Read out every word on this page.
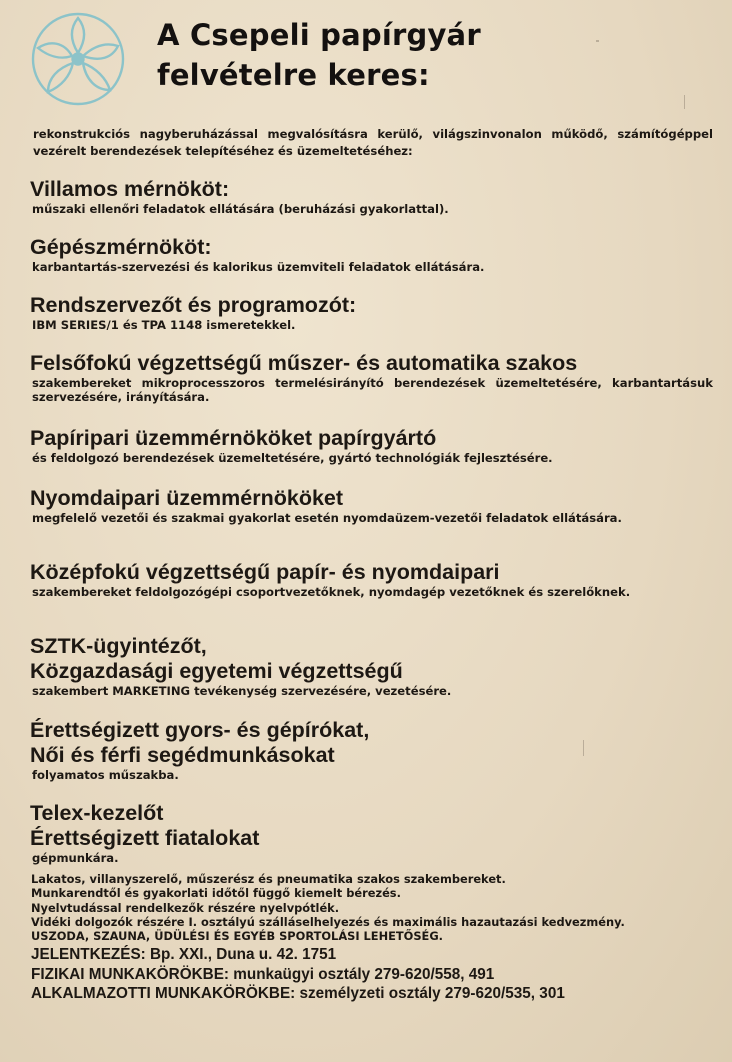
A Csepeli papírgyár
felvételre keres:

rekonstrukciós nagyberuházással megvalósításra kerülő, világszinvonalon működő, számítógéppel vezérelt berendezések telepítéséhez és üzemeltetéséhez:

Villamos mérnököt:

műszaki ellenőri feladatok ellátására (beruházási gyakorlattal).

Gépészmérnököt:

karbantartás-szervezési és kalorikus üzemviteli feladatok ellátására.

Rendszervezőt és programozót:

IBM SERIES/1 és TPA 1148 ismeretekkel.

Felsőfokú végzettségű műszer- és automatika szakos

szakembereket mikroprocesszoros termelésirányító berendezések üzemeltetésére, karbantartásuk szervezésére, irányítására.

Papíripari üzemmérnököket papírgyártó

és feldolgozó berendezések üzemeltetésére, gyártó technológiák fejlesztésére.

Nyomdaipari üzemmérnököket

megfelelő vezetői és szakmai gyakorlat esetén nyomdaüzem-vezetői feladatok ellátására.

Középfokú végzettségű papír- és nyomdaipari

szakembereket feldolgozógépi csoportvezetőknek, nyomdagép vezetőknek és szerelőknek.

SZTK-ügyintézőt,

Közgazdasági egyetemi végzettségű

szakembert MARKETING tevékenység szervezésére, vezetésére.

Érettségizett gyors- és gépírókat,

Női és férfi segédmunkásokat

folyamatos műszakba.

Telex-kezelőt

Érettségizett fiatalokat

gépmunkára.

Lakatos, villanyszerelő, műszerész és pneumatika szakos szakembereket.

Munkarendtől és gyakorlati időtől függő kiemelt bérezés.

Nyelvtudással rendelkezők részére nyelvpótlék.

Vidéki dolgozók részére I. osztályú szálláselhelyezés és maximális hazautazási kedvezmény.

USZODA, SZAUNA, ÜDÜLÉSI ÉS EGYÉB SPORTOLÁSI LEHETŐSÉG.

JELENTKEZÉS: Bp. XXI., Duna u. 42. 1751

FIZIKAI MUNKAKÖRÖKBE: munkaügyi osztály 279-620/558, 491

ALKALMAZOTTI MUNKAKÖRÖKBE: személyzeti osztály 279-620/535, 301
